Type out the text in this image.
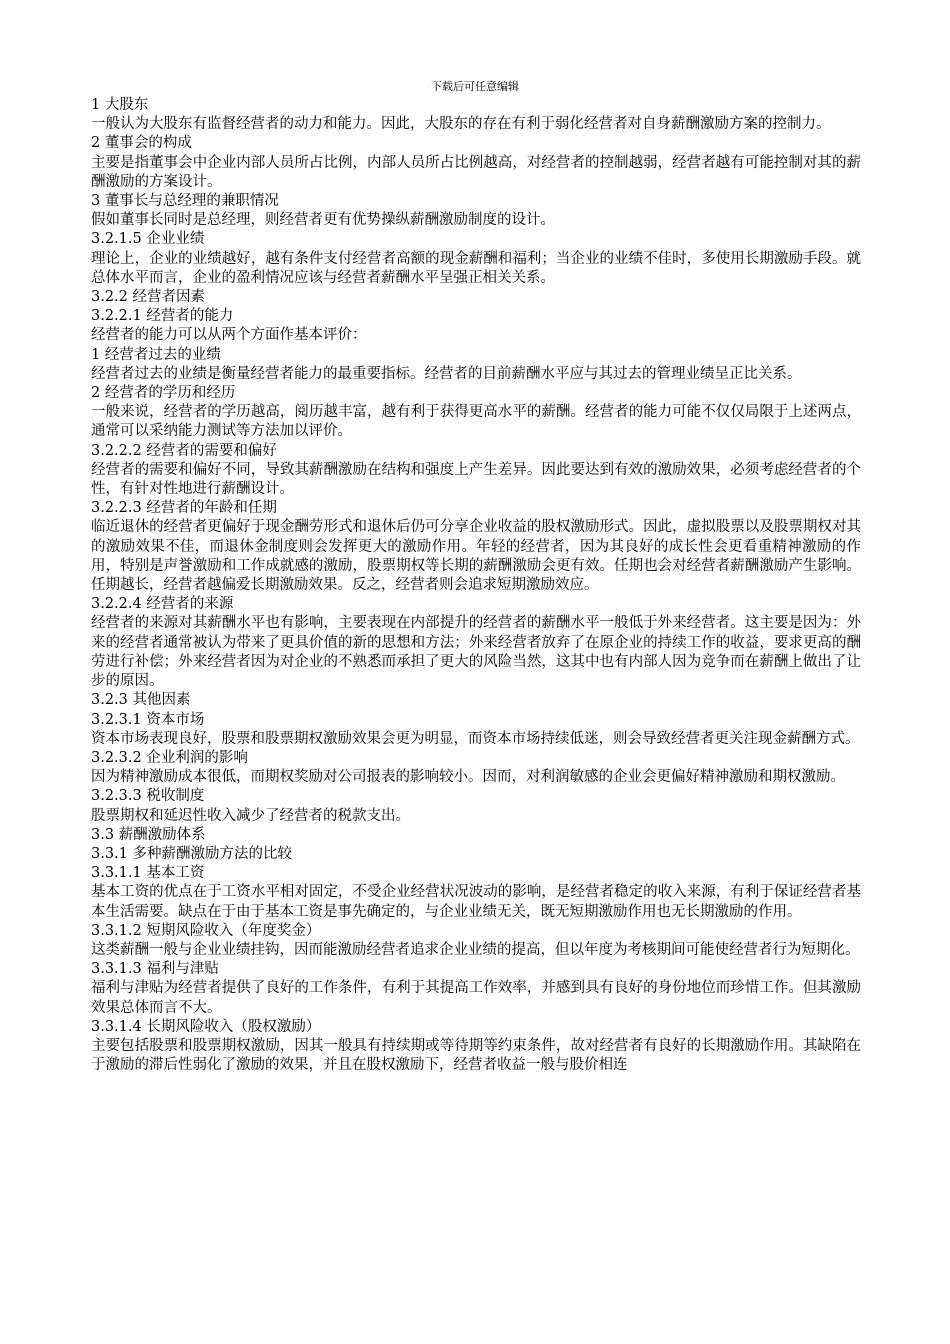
下载后可任意编辑

1 大股东

一般认为大股东有监督经营者的动力和能力。因此，大股东的存在有利于弱化经营者对自身薪酬激励方案的控制力。

2 董事会的构成

主要是指董事会中企业内部人员所占比例，内部人员所占比例越高，对经营者的控制越弱，经营者越有可能控制对其的薪酬激励的方案设计。

3 董事长与总经理的兼职情况

假如董事长同时是总经理，则经营者更有优势操纵薪酬激励制度的设计。

3.2.1.5 企业业绩

理论上，企业的业绩越好，越有条件支付经营者高额的现金薪酬和福利；当企业的业绩不佳时，多使用长期激励手段。就总体水平而言，企业的盈利情况应该与经营者薪酬水平呈强正相关关系。

3.2.2 经营者因素

3.2.2.1 经营者的能力

经营者的能力可以从两个方面作基本评价：

1 经营者过去的业绩

经营者过去的业绩是衡量经营者能力的最重要指标。经营者的目前薪酬水平应与其过去的管理业绩呈正比关系。

2 经营者的学历和经历

一般来说，经营者的学历越高，阅历越丰富，越有利于获得更高水平的薪酬。经营者的能力可能不仅仅局限于上述两点，通常可以采纳能力测试等方法加以评价。

3.2.2.2 经营者的需要和偏好

经营者的需要和偏好不同，导致其薪酬激励在结构和强度上产生差异。因此要达到有效的激励效果，必须考虑经营者的个性，有针对性地进行薪酬设计。

3.2.2.3 经营者的年龄和任期

临近退休的经营者更偏好于现金酬劳形式和退休后仍可分享企业收益的股权激励形式。因此，虚拟股票以及股票期权对其的激励效果不佳，而退休金制度则会发挥更大的激励作用。年轻的经营者，因为其良好的成长性会更看重精神激励的作用，特别是声誉激励和工作成就感的激励，股票期权等长期的薪酬激励会更有效。任期也会对经营者薪酬激励产生影响。任期越长，经营者越偏爱长期激励效果。反之，经营者则会追求短期激励效应。

3.2.2.4 经营者的来源

经营者的来源对其薪酬水平也有影响，主要表现在内部提升的经营者的薪酬水平一般低于外来经营者。这主要是因为：外来的经营者通常被认为带来了更具价值的新的思想和方法；外来经营者放弃了在原企业的持续工作的收益，要求更高的酬劳进行补偿；外来经营者因为对企业的不熟悉而承担了更大的风险当然，这其中也有内部人因为竞争而在薪酬上做出了让步的原因。

3.2.3 其他因素

3.2.3.1 资本市场

资本市场表现良好，股票和股票期权激励效果会更为明显，而资本市场持续低迷，则会导致经营者更关注现金薪酬方式。

3.2.3.2 企业利润的影响

因为精神激励成本很低，而期权奖励对公司报表的影响较小。因而，对利润敏感的企业会更偏好精神激励和期权激励。

3.2.3.3 税收制度

股票期权和延迟性收入减少了经营者的税款支出。

3.3 薪酬激励体系

3.3.1 多种薪酬激励方法的比较

3.3.1.1 基本工资

基本工资的优点在于工资水平相对固定，不受企业经营状况波动的影响，是经营者稳定的收入来源，有利于保证经营者基本生活需要。缺点在于由于基本工资是事先确定的，与企业业绩无关，既无短期激励作用也无长期激励的作用。

3.3.1.2 短期风险收入（年度奖金）

这类薪酬一般与企业业绩挂钩，因而能激励经营者追求企业业绩的提高，但以年度为考核期间可能使经营者行为短期化。

3.3.1.3 福利与津贴

福利与津贴为经营者提供了良好的工作条件，有利于其提高工作效率，并感到具有良好的身份地位而珍惜工作。但其激励效果总体而言不大。

3.3.1.4 长期风险收入（股权激励）

主要包括股票和股票期权激励，因其一般具有持续期或等待期等约束条件，故对经营者有良好的长期激励作用。其缺陷在于激励的滞后性弱化了激励的效果，并且在股权激励下，经营者收益一般与股价相连
